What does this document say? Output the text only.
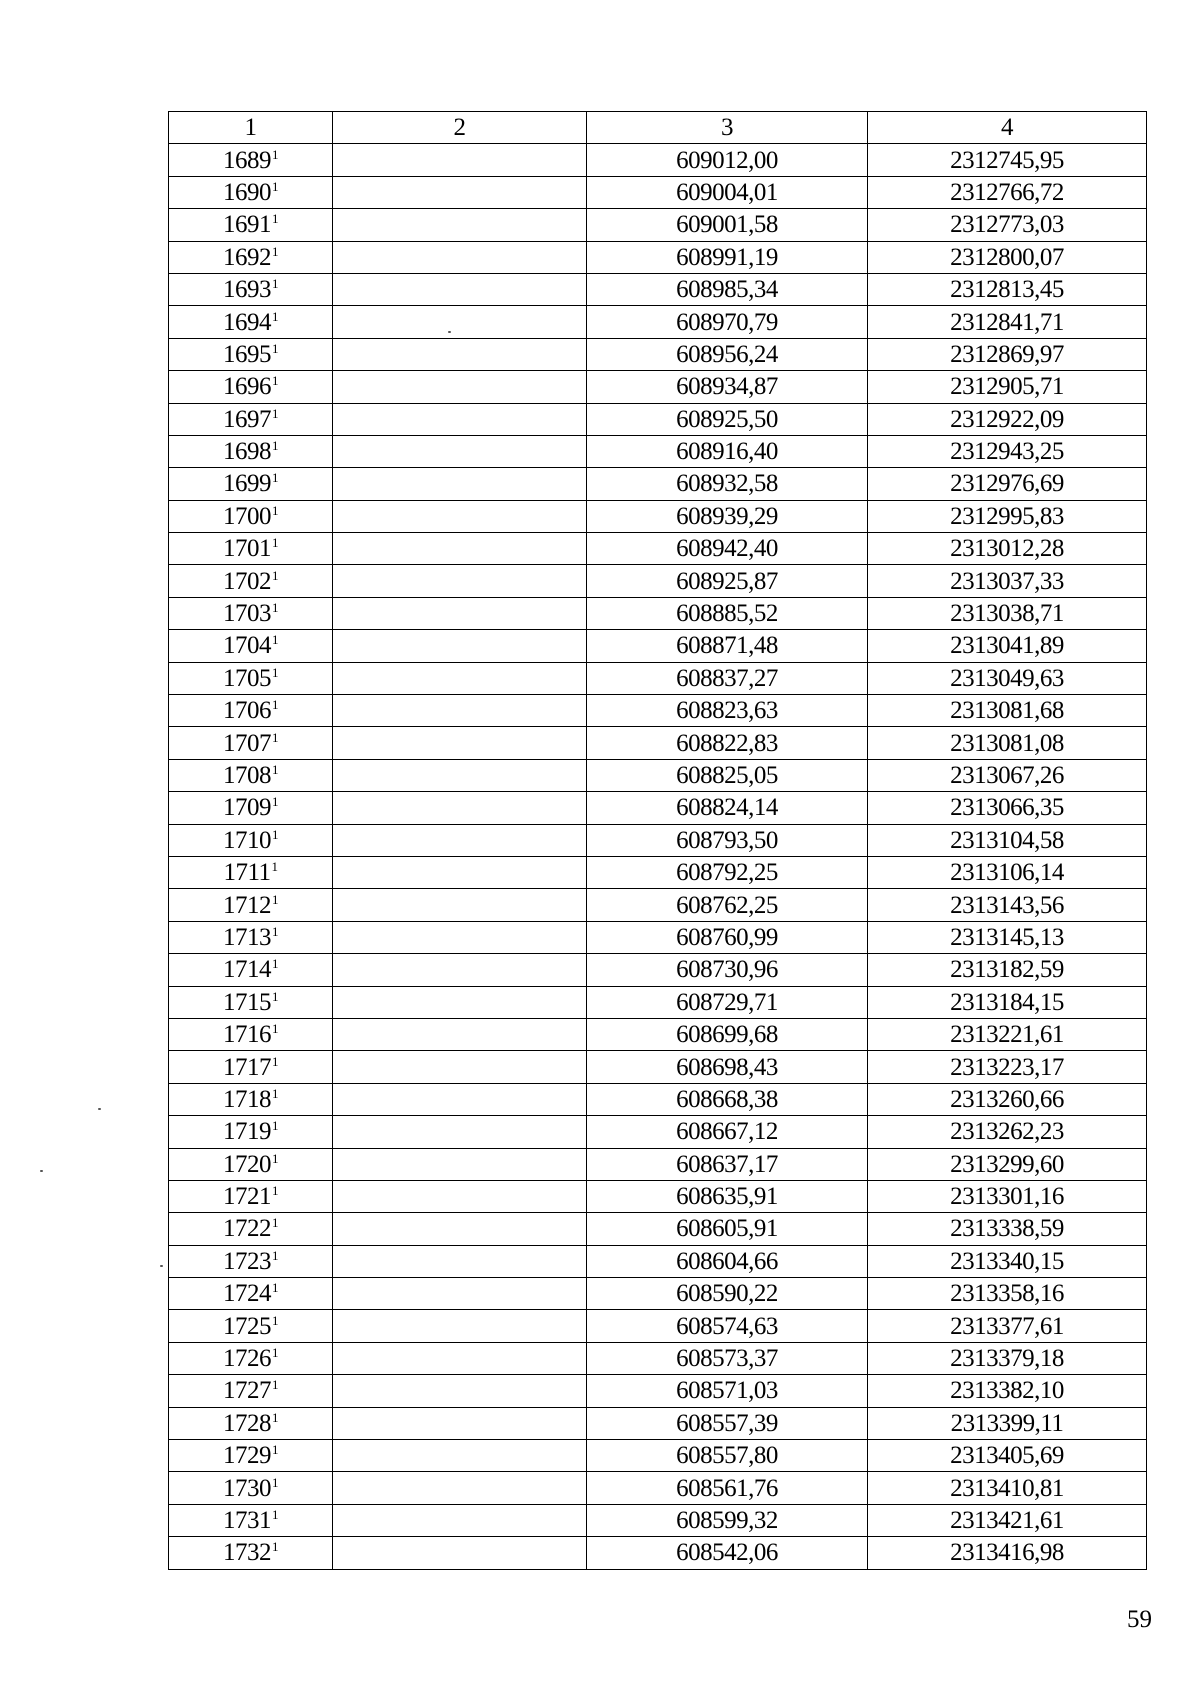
1	2	3	4
1689$^1$		609012,00	2312745,95
1690$^1$		609004,01	2312766,72
1691$^1$		609001,58	2312773,03
1692$^1$		608991,19	2312800,07
1693$^1$		608985,34	2312813,45
1694$^1$		608970,79	2312841,71
1695$^1$		608956,24	2312869,97
1696$^1$		608934,87	2312905,71
1697$^1$		608925,50	2312922,09
1698$^1$		608916,40	2312943,25
1699$^1$		608932,58	2312976,69
1700$^1$		608939,29	2312995,83
1701$^1$		608942,40	2313012,28
1702$^1$		608925,87	2313037,33
1703$^1$		608885,52	2313038,71
1704$^1$		608871,48	2313041,89
1705$^1$		608837,27	2313049,63
1706$^1$		608823,63	2313081,68
1707$^1$		608822,83	2313081,08
1708$^1$		608825,05	2313067,26
1709$^1$		608824,14	2313066,35
1710$^1$		608793,50	2313104,58
1711$^1$		608792,25	2313106,14
1712$^1$		608762,25	2313143,56
1713$^1$		608760,99	2313145,13
1714$^1$		608730,96	2313182,59
1715$^1$		608729,71	2313184,15
1716$^1$		608699,68	2313221,61
1717$^1$		608698,43	2313223,17
1718$^1$		608668,38	2313260,66
1719$^1$		608667,12	2313262,23
1720$^1$		608637,17	2313299,60
1721$^1$		608635,91	2313301,16
1722$^1$		608605,91	2313338,59
1723$^1$		608604,66	2313340,15
1724$^1$		608590,22	2313358,16
1725$^1$		608574,63	2313377,61
1726$^1$		608573,37	2313379,18
1727$^1$		608571,03	2313382,10
1728$^1$		608557,39	2313399,11
1729$^1$		608557,80	2313405,69
1730$^1$		608561,76	2313410,81
1731$^1$		608599,32	2313421,61
1732$^1$		608542,06	2313416,98
59
